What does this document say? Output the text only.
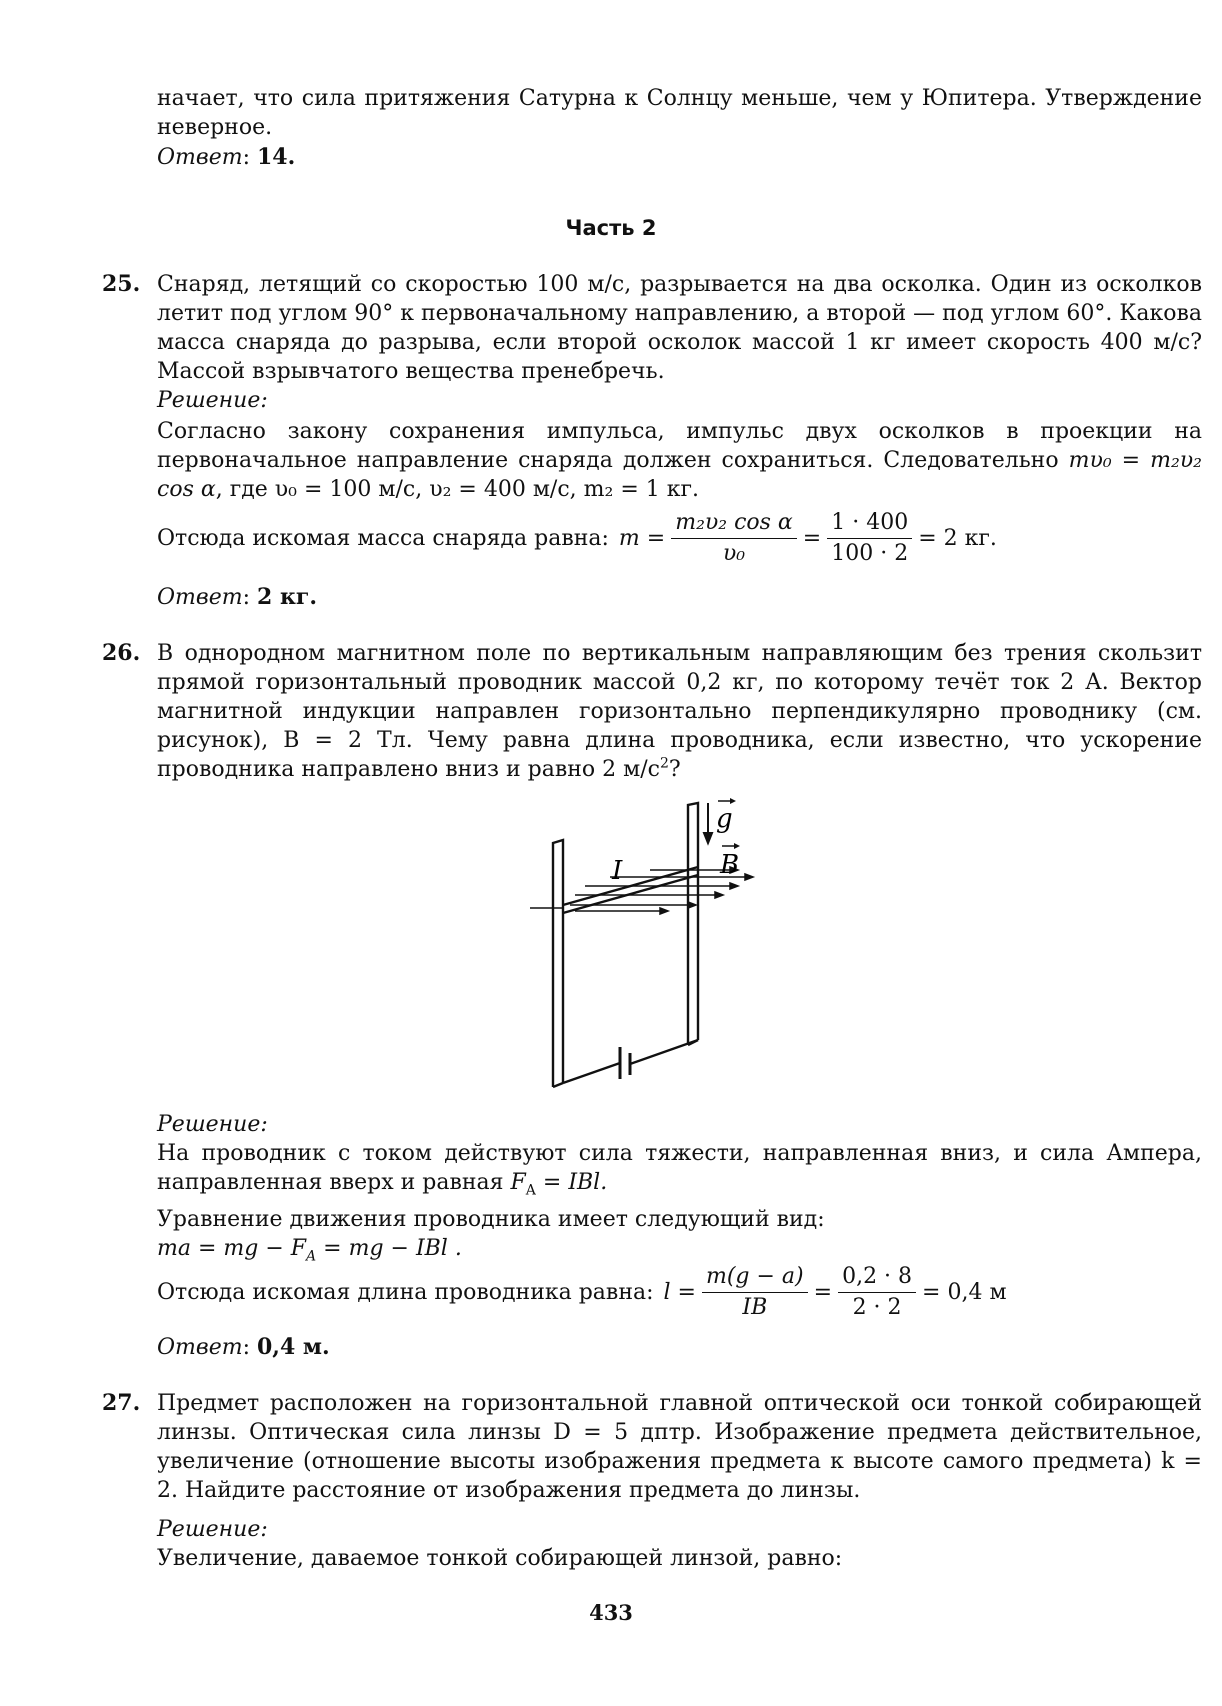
начает, что сила притяжения Сатурна к Солнцу меньше, чем у Юпитера. Утверждение неверное.

Ответ: 14.

Часть 2
25. Снаряд, летящий со скоростью 100 м/с, разрывается на два осколка. Один из осколков летит под углом 90° к первоначальному направлению, а второй — под углом 60°. Какова масса снаряда до разрыва, если второй осколок массой 1 кг имеет скорость 400 м/с? Массой взрывчатого вещества пренебречь.

Решение:

Согласно закону сохранения импульса, импульс двух осколков в проекции на первоначальное направление снаряда должен сохраниться. Следовательно mυ₀ = m₂υ₂ cos α, где υ₀ = 100 м/с, υ₂ = 400 м/с, m₂ = 1 кг.

Отсюда искомая масса снаряда равна: $m = \frac{\text{m₂υ₂ cos α}}{\text{υ₀}} = \frac{1 \cdot 400}{100 \cdot 2} = 2$ кг.
Ответ: 2 кг.
26. В однородном магнитном поле по вертикальным направляющим без трения скользит прямой горизонтальный проводник массой 0,2 кг, по которому течёт ток 2 А. Вектор магнитной индукции направлен горизонтально перпендикулярно проводнику (см. рисунок), B = 2 Тл. Чему равна длина проводника, если известно, что ускорение проводника направлено вниз и равно 2 $м/с^2$?

g
B
I

Решение:

На проводник с током действуют сила тяжести, направленная вниз, и сила Ампера, направленная вверх и равная $F_A$ = IBl.

Уравнение движения проводника имеет следующий вид:

ma = mg − $F_A$ = mg − IBl .

Отсюда искомая длина проводника равна: $l = \frac{m(g - a)}{IB} = \frac{0,2 \cdot 8}{2 \cdot 2} = 0,4$ м
Ответ: 0,4 м.
27. Предмет расположен на горизонтальной главной оптической оси тонкой собирающей линзы. Оптическая сила линзы D = 5 дптр. Изображение предмета действительное, увеличение (отношение высоты изображения предмета к высоте самого предмета) k = 2. Найдите расстояние от изображения предмета до линзы.

Решение:

Увеличение, даваемое тонкой собирающей линзой, равно:

433
